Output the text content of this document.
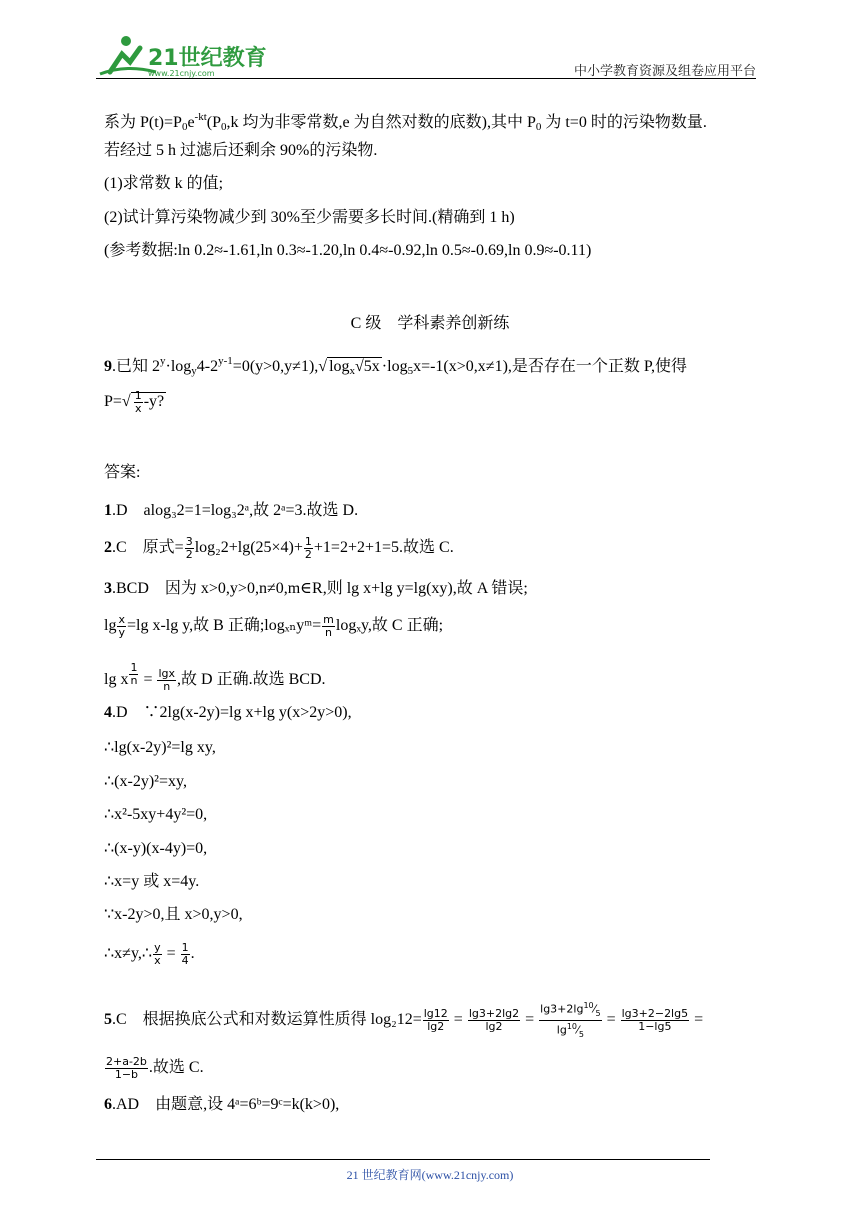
21世纪教育
www.21cnjy.com	中小学教育资源及组卷应用平台
系为 $P(t)=P_0e^{-kt}(P_0,k$ 均为非零常数,e 为自然对数的底数),其中 $P_0$ 为 t=0 时的污染物数量.
若经过 5 h 过滤后还剩余 90%的污染物.
(1)求常数 k 的值;
(2)试计算污染物减少到 30%至少需要多长时间.(精确到 1 h)
(参考数据:ln 0.2≈-1.61,ln 0.3≈-1.20,ln 0.4≈-0.92,ln 0.5≈-0.69,ln 0.9≈-0.11)
C 级　学科素养创新练
9.已知 $2^y\cdot\log_y4-2^{y-1}=0(y>0,y\ne 1),√$ $\log_x√5x \cdot\log_5x=-1(x>0,x\ne 1)$,是否存在一个正数 P,使得
$P=√ \frac{1}{x} -y$?
答案:
1.D　alog₃2=1=log₃2ᵃ,故 2ᵃ=3.故选 D.
2.C　原式= $\frac{3}{2} \log_22+\lg(25\times 4)+ \frac{1}{2} +1=2+2+1=5$.故选 C.
3.BCD　因为 x>0,y>0,n≠0,m∈R,则 lg x+lg y=lg(xy),故 A 错误;
$\lg \frac{x}{y} =\lg$ x-lg y,故 B 正确;logₓₙyᵐ= $\frac{m}{n} \log_xy$,故 C 正确;
lg x $^{\frac{1}{n}} = \frac{\lg x}{n}$ ,故 D 正确.故选 BCD.
4.D　∵2lg(x-2y)=lg x+lg y(x>2y>0),
∴lg(x-2y)²=lg xy,
∴(x-2y)²=xy,
∴x²-5xy+4y²=0,
∴(x-y)(x-4y)=0,
∴x=y 或 x=4y.
∵x-2y>0,且 x>0,y>0,
∴x≠y,∴ $\frac{y}{x} = \frac{1}{4}$ .
5.C　根据换底公式和对数运算性质得 $\log_212= \frac{\lg 12}{\lg 2} = \frac{\lg 3+2\lg 2}{\lg 2} = \frac{\lg 3+2\lg^{10}⁄_5}{\lg^{10}⁄_5} = \frac{\lg 3+2-2\lg 5}{1-\lg 5}$ =
$\frac{2+a-2b}{1-b}$ .故选 C.
6.AD　由题意,设 4ᵃ=6ᵇ=9ᶜ=k(k>0),
21 世纪教育网(www.21cnjy.com)
